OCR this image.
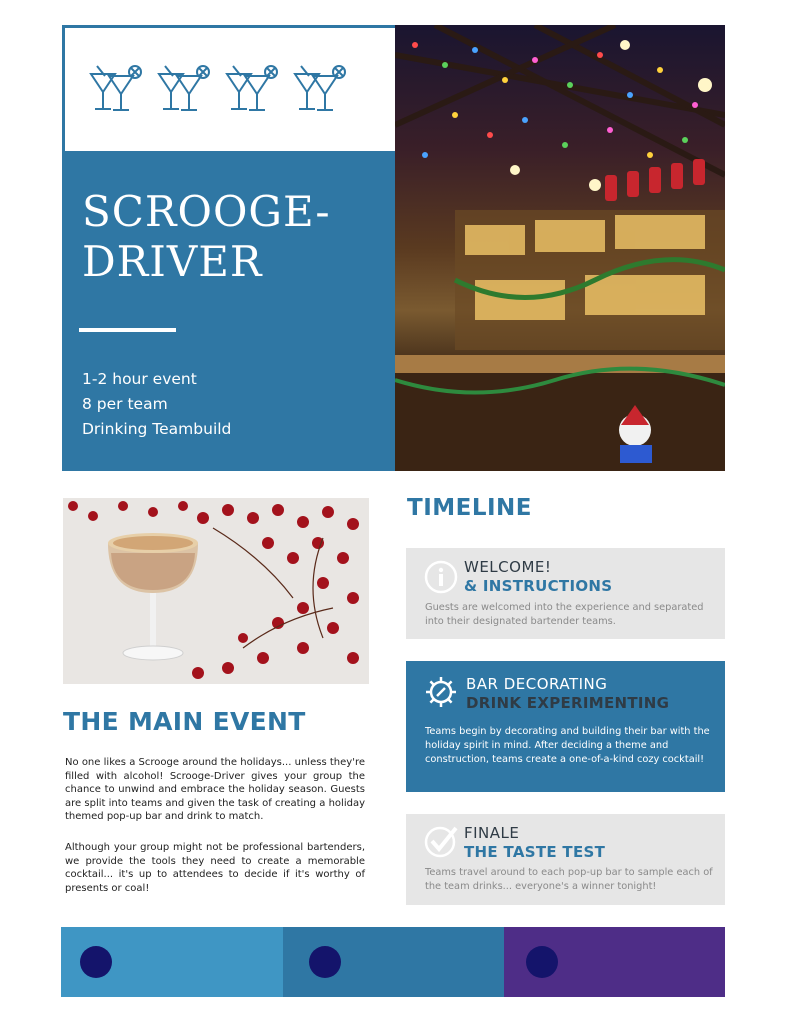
SCROOGE-
DRIVER
1-2 hour event
8 per team
Drinking Teambuild
THE MAIN EVENT

No one likes a Scrooge around the holidays... unless they're filled with alcohol! Scrooge-Driver gives your group the chance to unwind and embrace the holiday season. Guests are split into teams and given the task of creating a holiday themed pop-up bar and drink to match.

Although your group might not be professional bartenders, we provide the tools they need to create a memorable cocktail... it's up to attendees to decide if it's worthy of presents or coal!

TIMELINE
WELCOME!
& INSTRUCTIONS

Guests are welcomed into the experience and separated into their designated bartender teams.

BAR DECORATING
DRINK EXPERIMENTING

Teams begin by decorating and building their bar with the holiday spirit in mind. After deciding a theme and construction, teams create a one-of-a-kind cozy cocktail!

FINALE
THE TASTE TEST

Teams travel around to each pop-up bar to sample each of the team drinks... everyone's a winner tonight!
